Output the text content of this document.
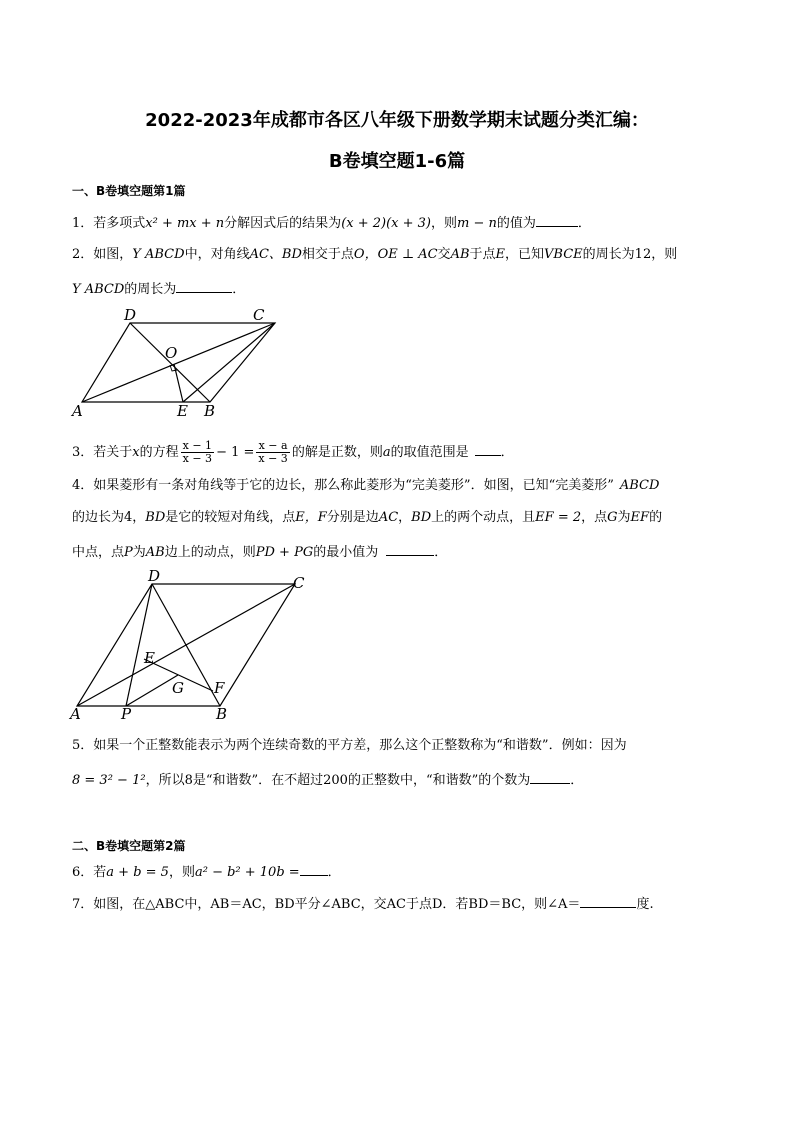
2022-2023年成都市各区八年级下册数学期末试题分类汇编：
B卷填空题1-6篇
一、B卷填空题第1篇
1．若多项式x² + mx + n分解因式后的结果为(x + 2)(x + 3)，则m − n的值为	．
2．如图，Y ABCD中，对角线AC、BD相交于点O，OE ⊥ AC交AB于点E，已知VBCE的周长为12，则
Y ABCD的周长为	．
D	C
O
A	E B
3．若关于x的方程 $\frac{x - 1}{x - 3} - 1 = \frac{x - a}{x - 3}$ 的解是正数，则a的取值范围是 ．
4．如果菱形有一条对角线等于它的边长，那么称此菱形为“完美菱形”．如图，已知“完美菱形” ABCD
的边长为4，BD是它的较短对角线，点E，F分别是边AC，BD上的两个动点，且EF = 2，点G为EF的
中点，点P为AB边上的动点，则PD + PG的最小值为	．
D	C
E
G F
A	P	B
5．如果一个正整数能表示为两个连续奇数的平方差，那么这个正整数称为“和谐数”．例如：因为
8 = 3² − 1²，所以8是“和谐数”．在不超过200的正整数中，“和谐数”的个数为	．
二、B卷填空题第2篇
6．若a + b = 5，则a² − b² + 10b = ．
7．如图，在△ABC中，AB＝AC，BD平分∠ABC，交AC于点D．若BD＝BC，则∠A＝	度.
